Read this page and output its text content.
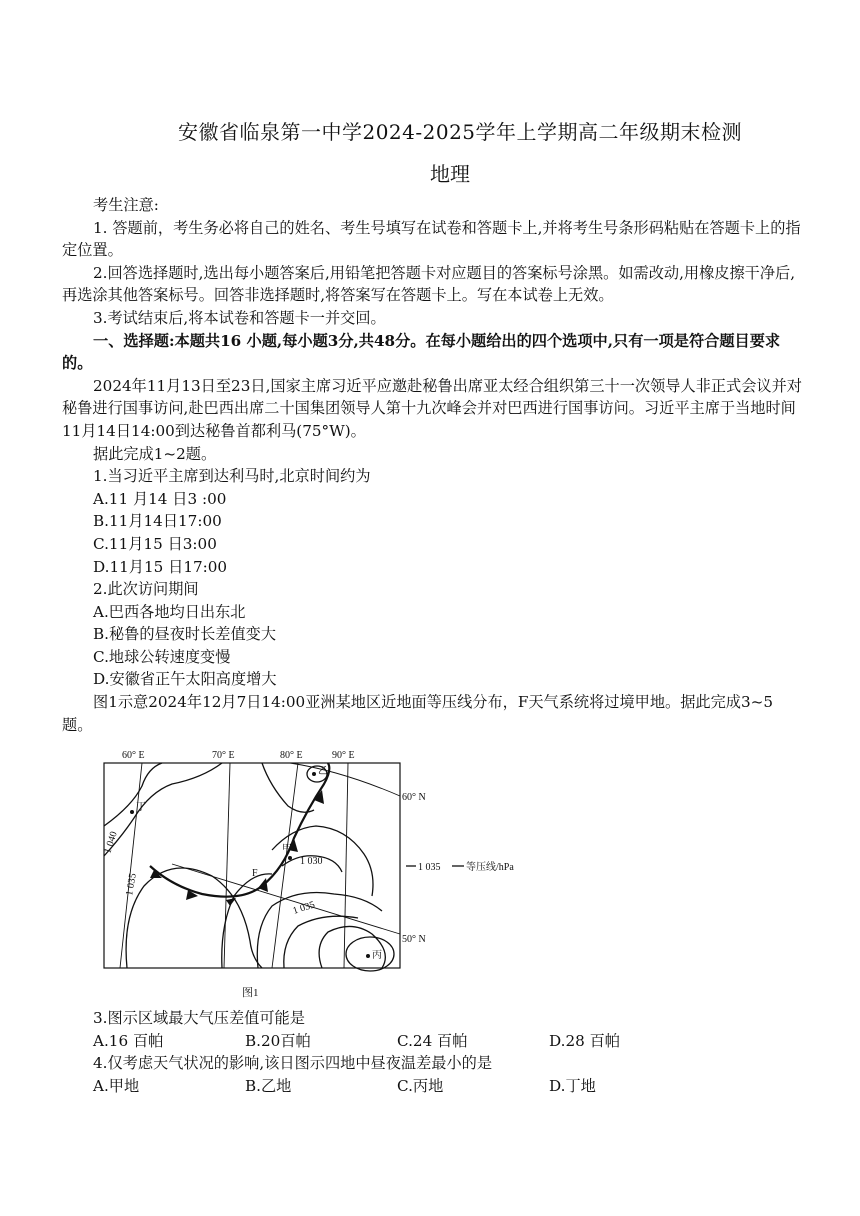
安徽省临泉第一中学2024-2025学年上学期高二年级期末检测
地理

考生注意:

1. 答题前，考生务必将自己的姓名、考生号填写在试卷和答题卡上,并将考生号条形码粘贴在答题卡上的指定位置。

2.回答选择题时,选出每小题答案后,用铅笔把答题卡对应题目的答案标号涂黑。如需改动,用橡皮擦干净后,再选涂其他答案标号。回答非选择题时,将答案写在答题卡上。写在本试卷上无效。

3.考试结束后,将本试卷和答题卡一并交回。

一、选择题:本题共16 小题,每小题3分,共48分。在每小题给出的四个选项中,只有一项是符合题目要求的。

2024年11月13日至23日,国家主席习近平应邀赴秘鲁出席亚太经合组织第三十一次领导人非正式会议并对秘鲁进行国事访问,赴巴西出席二十国集团领导人第十九次峰会并对巴西进行国事访问。习近平主席于当地时间11月14日14:00到达秘鲁首都利马(75°W)。

据此完成1~2题。

1.当习近平主席到达利马时,北京时间约为

A.11 月14 日3 :00

B.11月14日17:00

C.11月15 日3:00

D.11月15 日17:00

2.此次访问期间

A.巴西各地均日出东北

B.秘鲁的昼夜时长差值变大

C.地球公转速度变慢

D.安徽省正午太阳高度增大

图1示意2024年12月7日14:00亚洲某地区近地面等压线分布，F天气系统将过境甲地。据此完成3~5题。

60° E	70° E	80° E	90° E
60° N
50° N
1 040
1 035
1 030
1 035
丁
乙
甲
丙
F
1 035	等压线/hPa
图1

3.图示区域最大气压差值可能是

A.16 百帕	B.20百帕	C.24 百帕	D.28 百帕

4.仅考虑天气状况的影响,该日图示四地中昼夜温差最小的是

A.甲地	B.乙地	C.丙地	D.丁地
